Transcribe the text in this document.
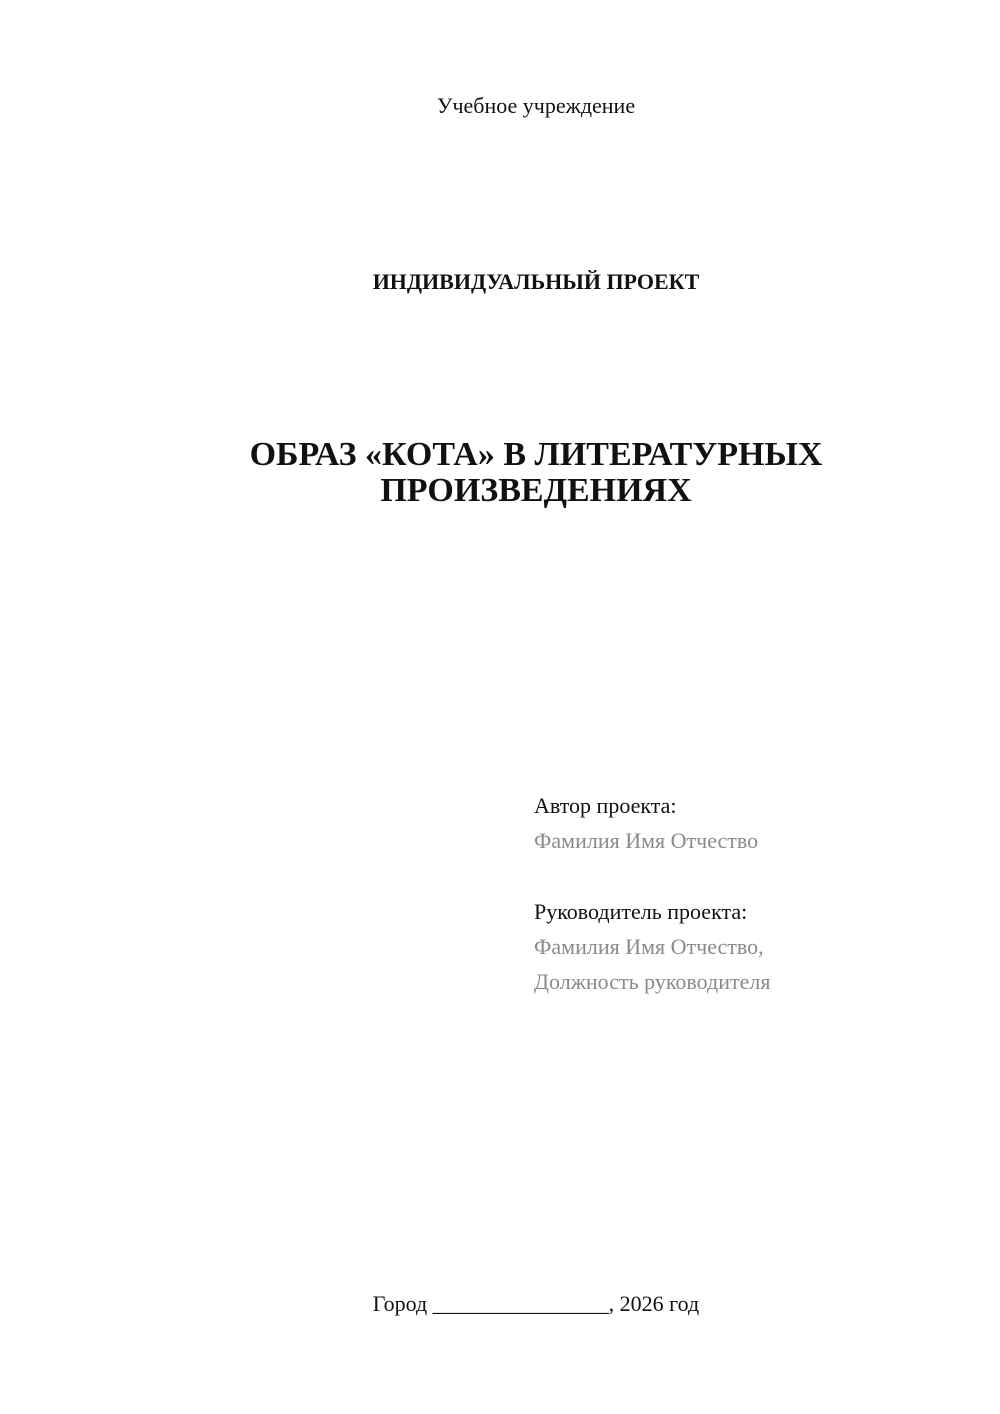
Учебное учреждение
ИНДИВИДУАЛЬНЫЙ ПРОЕКТ
ОБРАЗ «КОТА» В ЛИТЕРАТУРНЫХ
ПРОИЗВЕДЕНИЯХ
Автор проекта:
Фамилия Имя Отчество
Руководитель проекта:
Фамилия Имя Отчество,
Должность руководителя
Город ________________, 2026 год
